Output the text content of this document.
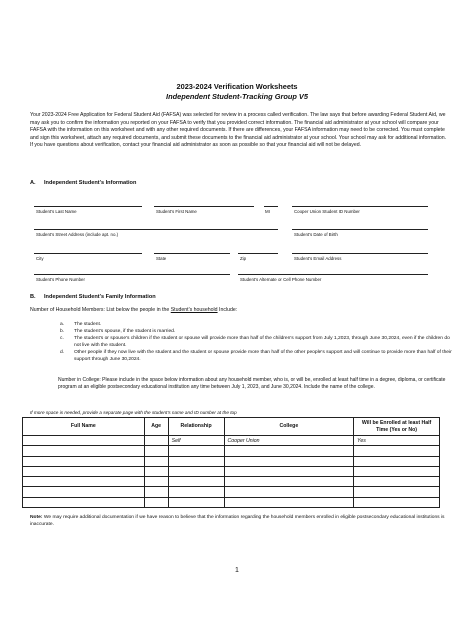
2023-2024 Verification Worksheets
Independent Student-Tracking Group V5

Your 2023-2024 Free Application for Federal Student Aid (FAFSA) was selected for review in a process called verification. The law says that before awarding Federal Student Aid, we may ask you to confirm the information you reported on your FAFSA to verify that you provided correct information. The financial aid administrator at your school will compare your FAFSA with the information on this worksheet and with any other required documents. If there are differences, your FAFSA information may need to be corrected. You must complete and sign this worksheet, attach any required documents, and submit these documents to the financial aid administrator at your school. Your school may ask for additional information. If you have questions about verification, contact your financial aid administrator as soon as possible so that your financial aid will not be delayed.

A. Independent Student's Information
Student's Last Name	Student's First Name	MI	Cooper Union Student ID Number
Student's Street Address (include apt. no.)	Student's Date of Birth
City	State	Zip	Student's Email Address
Student's Phone Number	Student's Alternate or Cell Phone Number
B. Independent Student's Family Information
Number of Household Members: List below the people in the Student's household Include:
a. The student.
b. The student's spouse, if the student is married.
c. The student's or spouse's children if the student or spouse will provide more than half of the children's support from July 1,2023, through June 30,2024, even if the children do not live with the student.
d. Other people if they now live with the student and the student or spouse provide more than half of the other people's support and will continue to provide more than half of their support through June 30,2024.

Number in College: Please include in the space below information about any household member, who is, or will be, enrolled at least half time in a degree, diploma, or certificate program at an eligible postsecondary educational institution any time between July 1, 2023, and June 30,2024. Include the name of the college.

If more space is needed, provide a separate page with the student's name and ID number at the top
Full Name	Age	Relationship	College	Will be Enrolled at least Half Time (Yes or No)
		Self	Cooper Union	Yes

Note: We may require additional documentation if we have reason to believe that the information regarding the household members enrolled in eligible postsecondary educational institutions is inaccurate.

1
